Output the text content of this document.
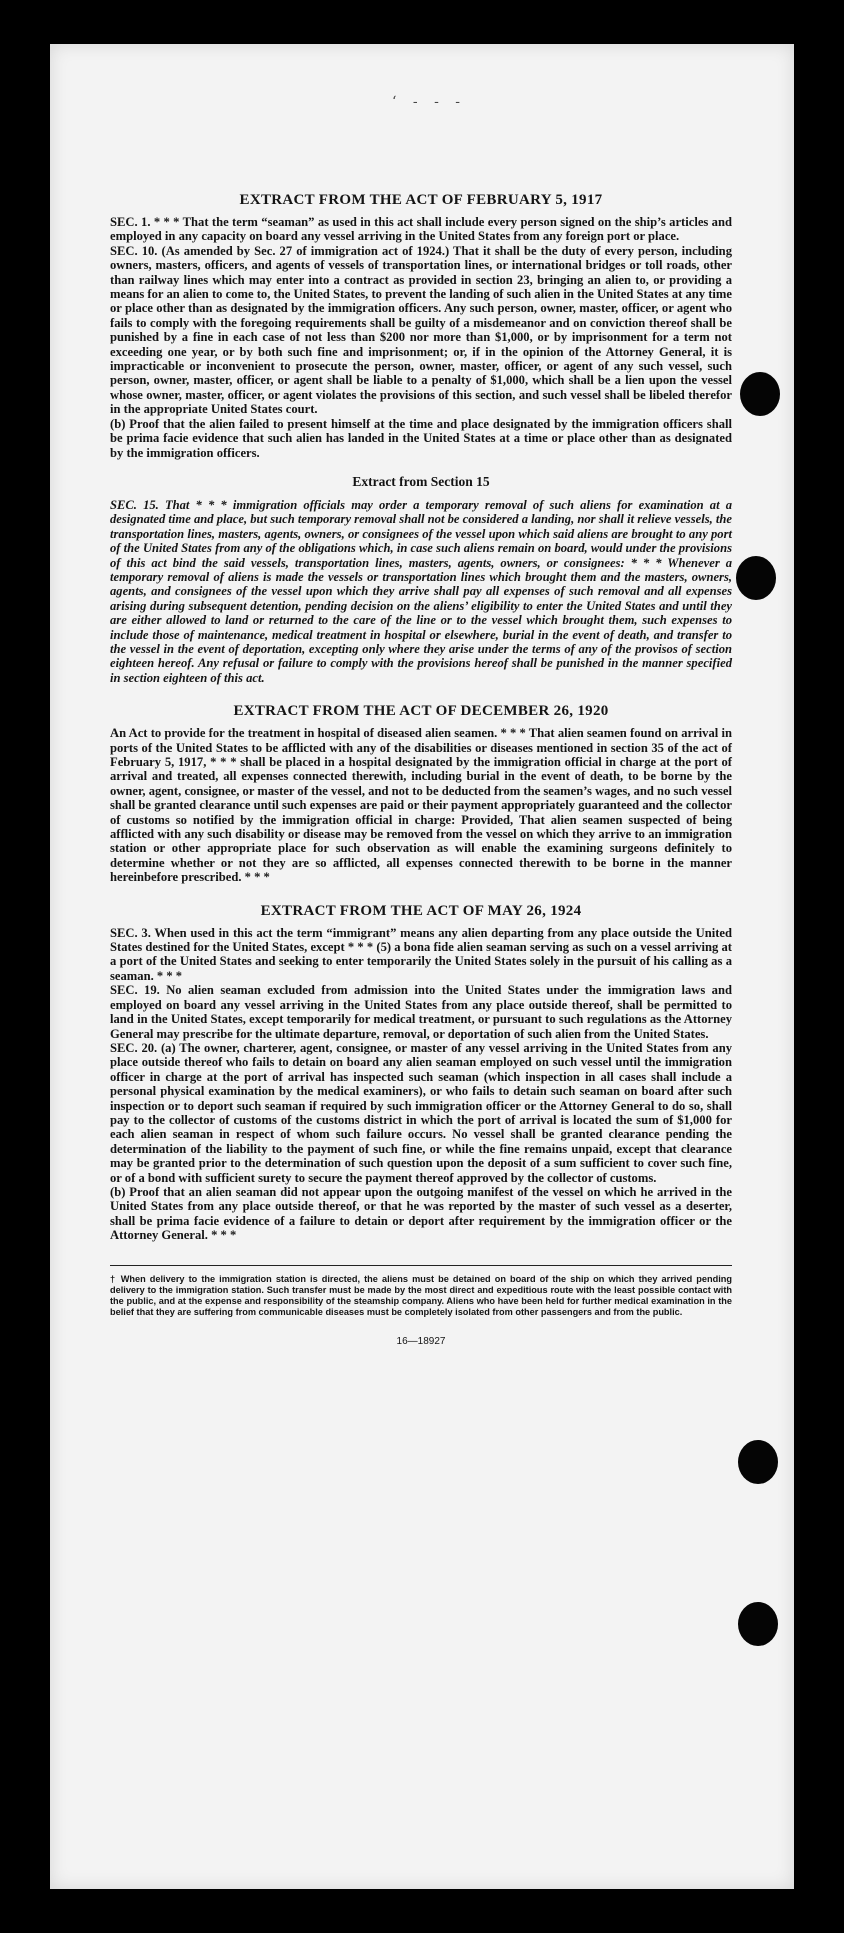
‘ - - -
EXTRACT FROM THE ACT OF FEBRUARY 5, 1917

SEC. 1. * * * That the term “seaman” as used in this act shall include every person signed on the ship’s articles and employed in any capacity on board any vessel arriving in the United States from any foreign port or place.

SEC. 10. (As amended by Sec. 27 of immigration act of 1924.) That it shall be the duty of every person, including owners, masters, officers, and agents of vessels of transportation lines, or international bridges or toll roads, other than railway lines which may enter into a contract as provided in section 23, bringing an alien to, or providing a means for an alien to come to, the United States, to prevent the landing of such alien in the United States at any time or place other than as designated by the immigration officers. Any such person, owner, master, officer, or agent who fails to comply with the foregoing requirements shall be guilty of a misdemeanor and on conviction thereof shall be punished by a fine in each case of not less than $200 nor more than $1,000, or by imprisonment for a term not exceeding one year, or by both such fine and imprisonment; or, if in the opinion of the Attorney General, it is impracticable or inconvenient to prosecute the person, owner, master, officer, or agent of any such vessel, such person, owner, master, officer, or agent shall be liable to a penalty of $1,000, which shall be a lien upon the vessel whose owner, master, officer, or agent violates the provisions of this section, and such vessel shall be libeled therefor in the appropriate United States court.

(b) Proof that the alien failed to present himself at the time and place designated by the immigration officers shall be prima facie evidence that such alien has landed in the United States at a time or place other than as designated by the immigration officers.

Extract from Section 15

SEC. 15. That * * * immigration officials may order a temporary removal of such aliens for examination at a designated time and place, but such temporary removal shall not be considered a landing, nor shall it relieve vessels, the transportation lines, masters, agents, owners, or consignees of the vessel upon which said aliens are brought to any port of the United States from any of the obligations which, in case such aliens remain on board, would under the provisions of this act bind the said vessels, transportation lines, masters, agents, owners, or consignees: * * * Whenever a temporary removal of aliens is made the vessels or transportation lines which brought them and the masters, owners, agents, and consignees of the vessel upon which they arrive shall pay all expenses of such removal and all expenses arising during subsequent detention, pending decision on the aliens’ eligibility to enter the United States and until they are either allowed to land or returned to the care of the line or to the vessel which brought them, such expenses to include those of maintenance, medical treatment in hospital or elsewhere, burial in the event of death, and transfer to the vessel in the event of deportation, excepting only where they arise under the terms of any of the provisos of section eighteen hereof. Any refusal or failure to comply with the provisions hereof shall be punished in the manner specified in section eighteen of this act.

EXTRACT FROM THE ACT OF DECEMBER 26, 1920

An Act to provide for the treatment in hospital of diseased alien seamen. * * * That alien seamen found on arrival in ports of the United States to be afflicted with any of the disabilities or diseases mentioned in section 35 of the act of February 5, 1917, * * * shall be placed in a hospital designated by the immigration official in charge at the port of arrival and treated, all expenses connected therewith, including burial in the event of death, to be borne by the owner, agent, consignee, or master of the vessel, and not to be deducted from the seamen’s wages, and no such vessel shall be granted clearance until such expenses are paid or their payment appropriately guaranteed and the collector of customs so notified by the immigration official in charge: Provided, That alien seamen suspected of being afflicted with any such disability or disease may be removed from the vessel on which they arrive to an immigration station or other appropriate place for such observation as will enable the examining surgeons definitely to determine whether or not they are so afflicted, all expenses connected therewith to be borne in the manner hereinbefore prescribed. * * *

EXTRACT FROM THE ACT OF MAY 26, 1924

SEC. 3. When used in this act the term “immigrant” means any alien departing from any place outside the United States destined for the United States, except * * * (5) a bona fide alien seaman serving as such on a vessel arriving at a port of the United States and seeking to enter temporarily the United States solely in the pursuit of his calling as a seaman. * * *

SEC. 19. No alien seaman excluded from admission into the United States under the immigration laws and employed on board any vessel arriving in the United States from any place outside thereof, shall be permitted to land in the United States, except temporarily for medical treatment, or pursuant to such regulations as the Attorney General may prescribe for the ultimate departure, removal, or deportation of such alien from the United States.

SEC. 20. (a) The owner, charterer, agent, consignee, or master of any vessel arriving in the United States from any place outside thereof who fails to detain on board any alien seaman employed on such vessel until the immigration officer in charge at the port of arrival has inspected such seaman (which inspection in all cases shall include a personal physical examination by the medical examiners), or who fails to detain such seaman on board after such inspection or to deport such seaman if required by such immigration officer or the Attorney General to do so, shall pay to the collector of customs of the customs district in which the port of arrival is located the sum of $1,000 for each alien seaman in respect of whom such failure occurs. No vessel shall be granted clearance pending the determination of the liability to the payment of such fine, or while the fine remains unpaid, except that clearance may be granted prior to the determination of such question upon the deposit of a sum sufficient to cover such fine, or of a bond with sufficient surety to secure the payment thereof approved by the collector of customs.

(b) Proof that an alien seaman did not appear upon the outgoing manifest of the vessel on which he arrived in the United States from any place outside thereof, or that he was reported by the master of such vessel as a deserter, shall be prima facie evidence of a failure to detain or deport after requirement by the immigration officer or the Attorney General. * * *

† When delivery to the immigration station is directed, the aliens must be detained on board of the ship on which they arrived pending delivery to the immigration station. Such transfer must be made by the most direct and expeditious route with the least possible contact with the public, and at the expense and responsibility of the steamship company. Aliens who have been held for further medical examination in the belief that they are suffering from communicable diseases must be completely isolated from other passengers and from the public.
16—18927
